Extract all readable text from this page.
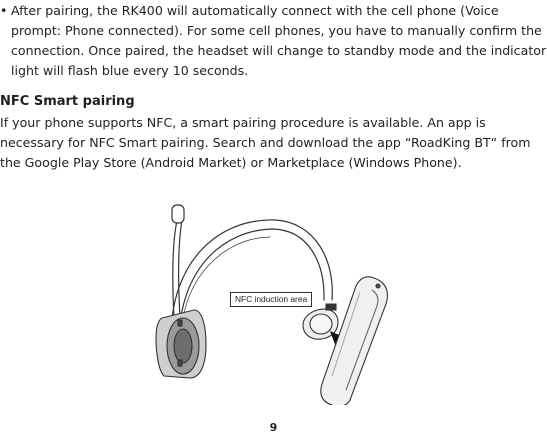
• After pairing, the RK400 will automatically connect with the cell phone (Voice prompt: Phone connected). For some cell phones, you have to manually confirm the connection. Once paired, the headset will change to standby mode and the indicator light will flash blue every 10 seconds.
NFC Smart pairing
If your phone supports NFC, a smart pairing procedure is available. An app is necessary for NFC Smart pairing. Search and download the app “RoadKing BT“ from the Google Play Store (Android Market) or Marketplace (Windows Phone).
NFC induction area
9
